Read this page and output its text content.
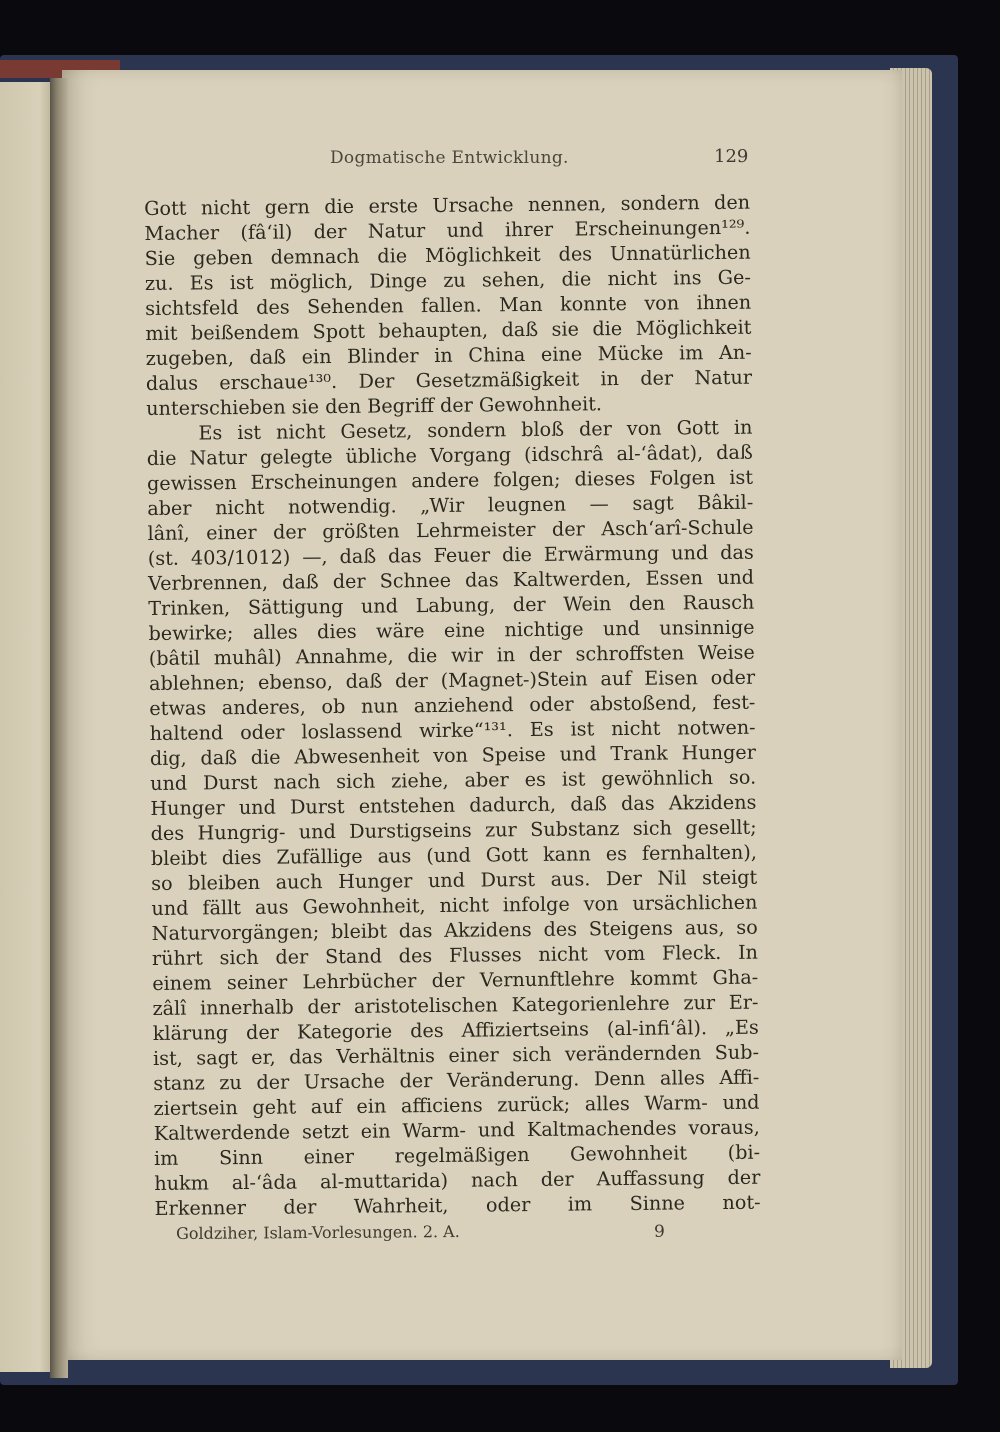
Dogmatische Entwicklung.	129
Gott nicht gern die erste Ursache nennen, sondern den
Macher (fâ‘il) der Natur und ihrer Erscheinungen¹²⁹.
Sie geben demnach die Möglichkeit des Unnatürlichen
zu. Es ist möglich, Dinge zu sehen, die nicht ins Ge-
sichtsfeld des Sehenden fallen. Man konnte von ihnen
mit beißendem Spott behaupten, daß sie die Möglichkeit
zugeben, daß ein Blinder in China eine Mücke im An-
dalus erschaue¹³⁰. Der Gesetzmäßigkeit in der Natur
unterschieben sie den Begriff der Gewohnheit.
Es ist nicht Gesetz, sondern bloß der von Gott in
die Natur gelegte übliche Vorgang (idschrâ al-‘âdat), daß
gewissen Erscheinungen andere folgen; dieses Folgen ist
aber nicht notwendig. „Wir leugnen — sagt Bâkil-
lânî, einer der größten Lehrmeister der Asch‘arî-Schule
(st. 403/1012) —, daß das Feuer die Erwärmung und das
Verbrennen, daß der Schnee das Kaltwerden, Essen und
Trinken, Sättigung und Labung, der Wein den Rausch
bewirke; alles dies wäre eine nichtige und unsinnige
(bâtil muhâl) Annahme, die wir in der schroffsten Weise
ablehnen; ebenso, daß der (Magnet-)Stein auf Eisen oder
etwas anderes, ob nun anziehend oder abstoßend, fest-
haltend oder loslassend wirke“¹³¹. Es ist nicht notwen-
dig, daß die Abwesenheit von Speise und Trank Hunger
und Durst nach sich ziehe, aber es ist gewöhnlich so.
Hunger und Durst entstehen dadurch, daß das Akzidens
des Hungrig- und Durstigseins zur Substanz sich gesellt;
bleibt dies Zufällige aus (und Gott kann es fernhalten),
so bleiben auch Hunger und Durst aus. Der Nil steigt
und fällt aus Gewohnheit, nicht infolge von ursächlichen
Naturvorgängen; bleibt das Akzidens des Steigens aus, so
rührt sich der Stand des Flusses nicht vom Fleck. In
einem seiner Lehrbücher der Vernunftlehre kommt Gha-
zâlî innerhalb der aristotelischen Kategorienlehre zur Er-
klärung der Kategorie des Affiziertseins (al-infi‘âl). „Es
ist, sagt er, das Verhältnis einer sich verändernden Sub-
stanz zu der Ursache der Veränderung. Denn alles Affi-
ziertsein geht auf ein afficiens zurück; alles Warm- und
Kaltwerdende setzt ein Warm- und Kaltmachendes voraus,
im Sinn einer regelmäßigen Gewohnheit (bi-
hukm al-‘âda al-muttarida) nach der Auffassung der
Erkenner der Wahrheit, oder im Sinne not-
Goldziher, Islam-Vorlesungen. 2. A.	9
